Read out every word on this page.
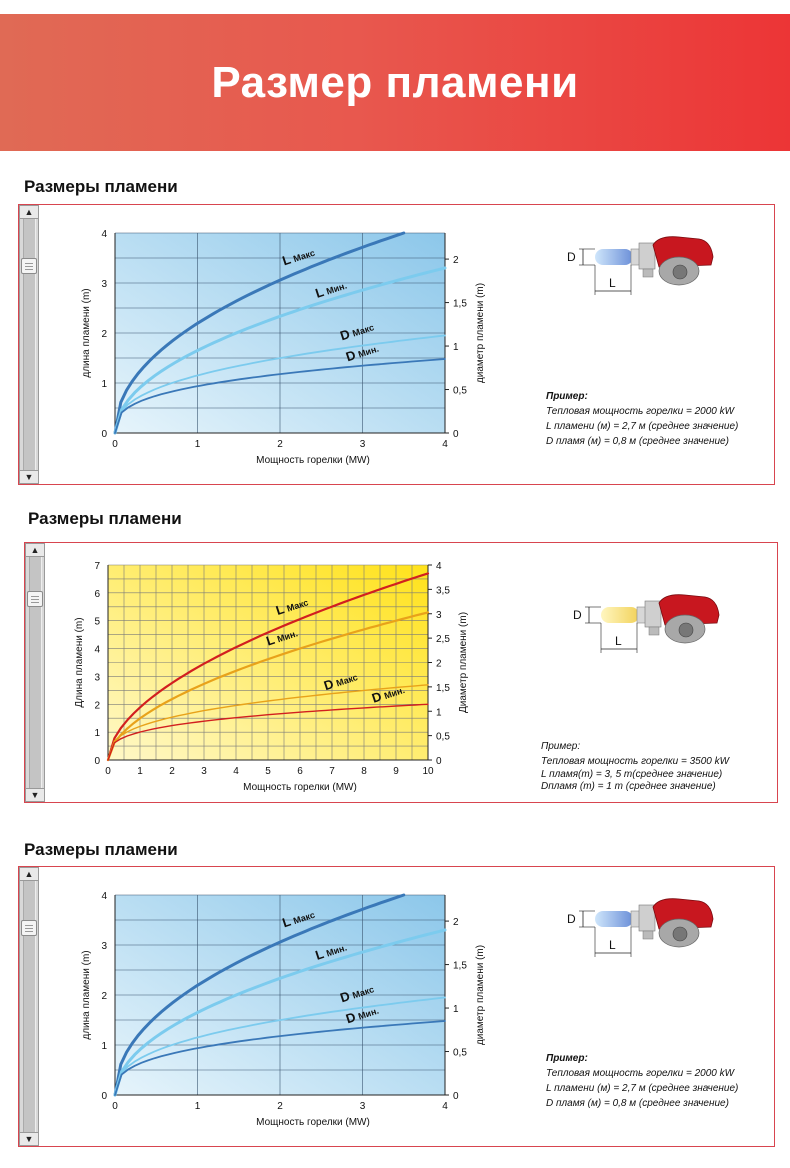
Размер пламени
Размеры пламени
▲
▼
0	1	2	3	4
0
1
2
3
4
0
0,5
1
1,5
2
Мощность горелки (MW)
длина пламени (m)	диаметр пламени (m)
LМакс
LМин.
DМакс
DМин.
D
L
Пример:
Тепловая мощность горелки = 2000 kW
L пламени (м) = 2,7 м (среднее значение)
D пламя (м) = 0,8 м (среднее значение)
Размеры пламени
▲
▼
0	1	2	3	4	5	6	7	8	9 10
0
1
2
3
4
5
6
7
0
0,5
1
1,5
2
2,5
3
3,5
4
Мощность горелки (MW)
Длина пламени (m)	Диаметр пламени (m)
LМакс
LМин.
DМакс
DМин.
D
L
Пример:
Тепловая мощность горелки = 3500 kW
L пламя(m) = 3, 5 m(среднее значение)
Dпламя (m) = 1 m (среднее значение)
Размеры пламени
▲
▼
0	1	2	3	4
0
1
2
3
4
0
0,5
1
1,5
2
Мощность горелки (MW)
длина пламени (m)	диаметр пламени (m)
LМакс
LМин.
DМакс
DМин.
D
L
Пример:
Тепловая мощность горелки = 2000 kW
L пламени (м) = 2,7 м (среднее значение)
D пламя (м) = 0,8 м (среднее значение)
